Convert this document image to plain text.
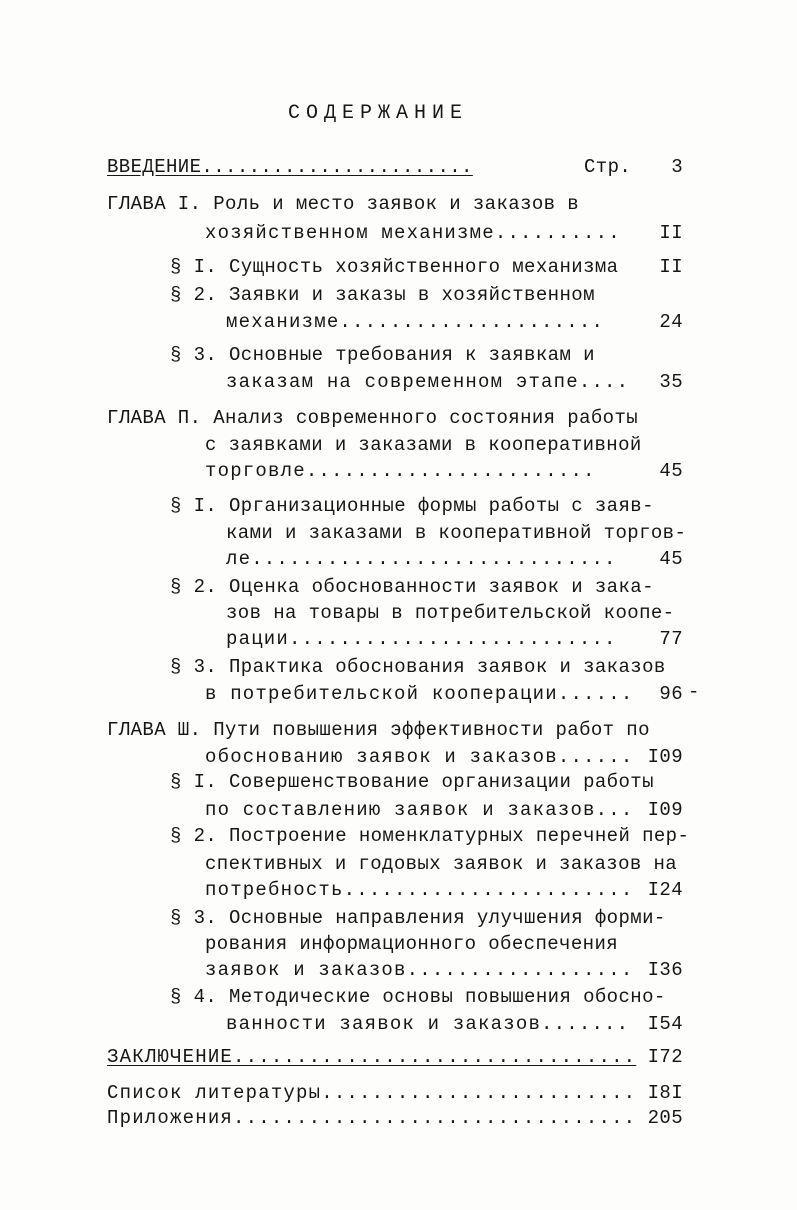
СОДЕРЖАНИЕ
ВВЕДЕНИЕ.......................	Стр.	3
ГЛАВА I. Роль и место заявок и заказов в
хозяйственном механизме..........	II
§ I. Сущность хозяйственного механизма	II
§ 2. Заявки и заказы в хозяйственном
механизме.....................	24
§ 3. Основные требования к заявкам и
заказам на современном этапе....	35
ГЛАВА П. Анализ современного состояния работы
с заявками и заказами в кооперативной
торговле.......................	45
§ I. Организационные формы работы с заяв-
ками и заказами в кооперативной торгов-
ле.............................	45
§ 2. Оценка обоснованности заявок и зака-
зов на товары в потребительской коопе-
рации..........................	77
§ 3. Практика обоснования заявок и заказов
в потребительской кооперации......	96 -
ГЛАВА Ш. Пути повышения эффективности работ по
обоснованию заявок и заказов...... I09
§ I. Совершенствование организации работы
по составлению заявок и заказов... I09
§ 2. Построение номенклатурных перечней пер-
спективных и годовых заявок и заказов на
потребность....................... I24
§ 3. Основные направления улучшения форми-
рования информационного обеспечения
заявок и заказов.................. I36
§ 4. Методические основы повышения обосно-
ванности заявок и заказов....... I54
ЗАКЛЮЧЕНИЕ................................ I72
Список литературы......................... I8I
Приложения................................ 205
